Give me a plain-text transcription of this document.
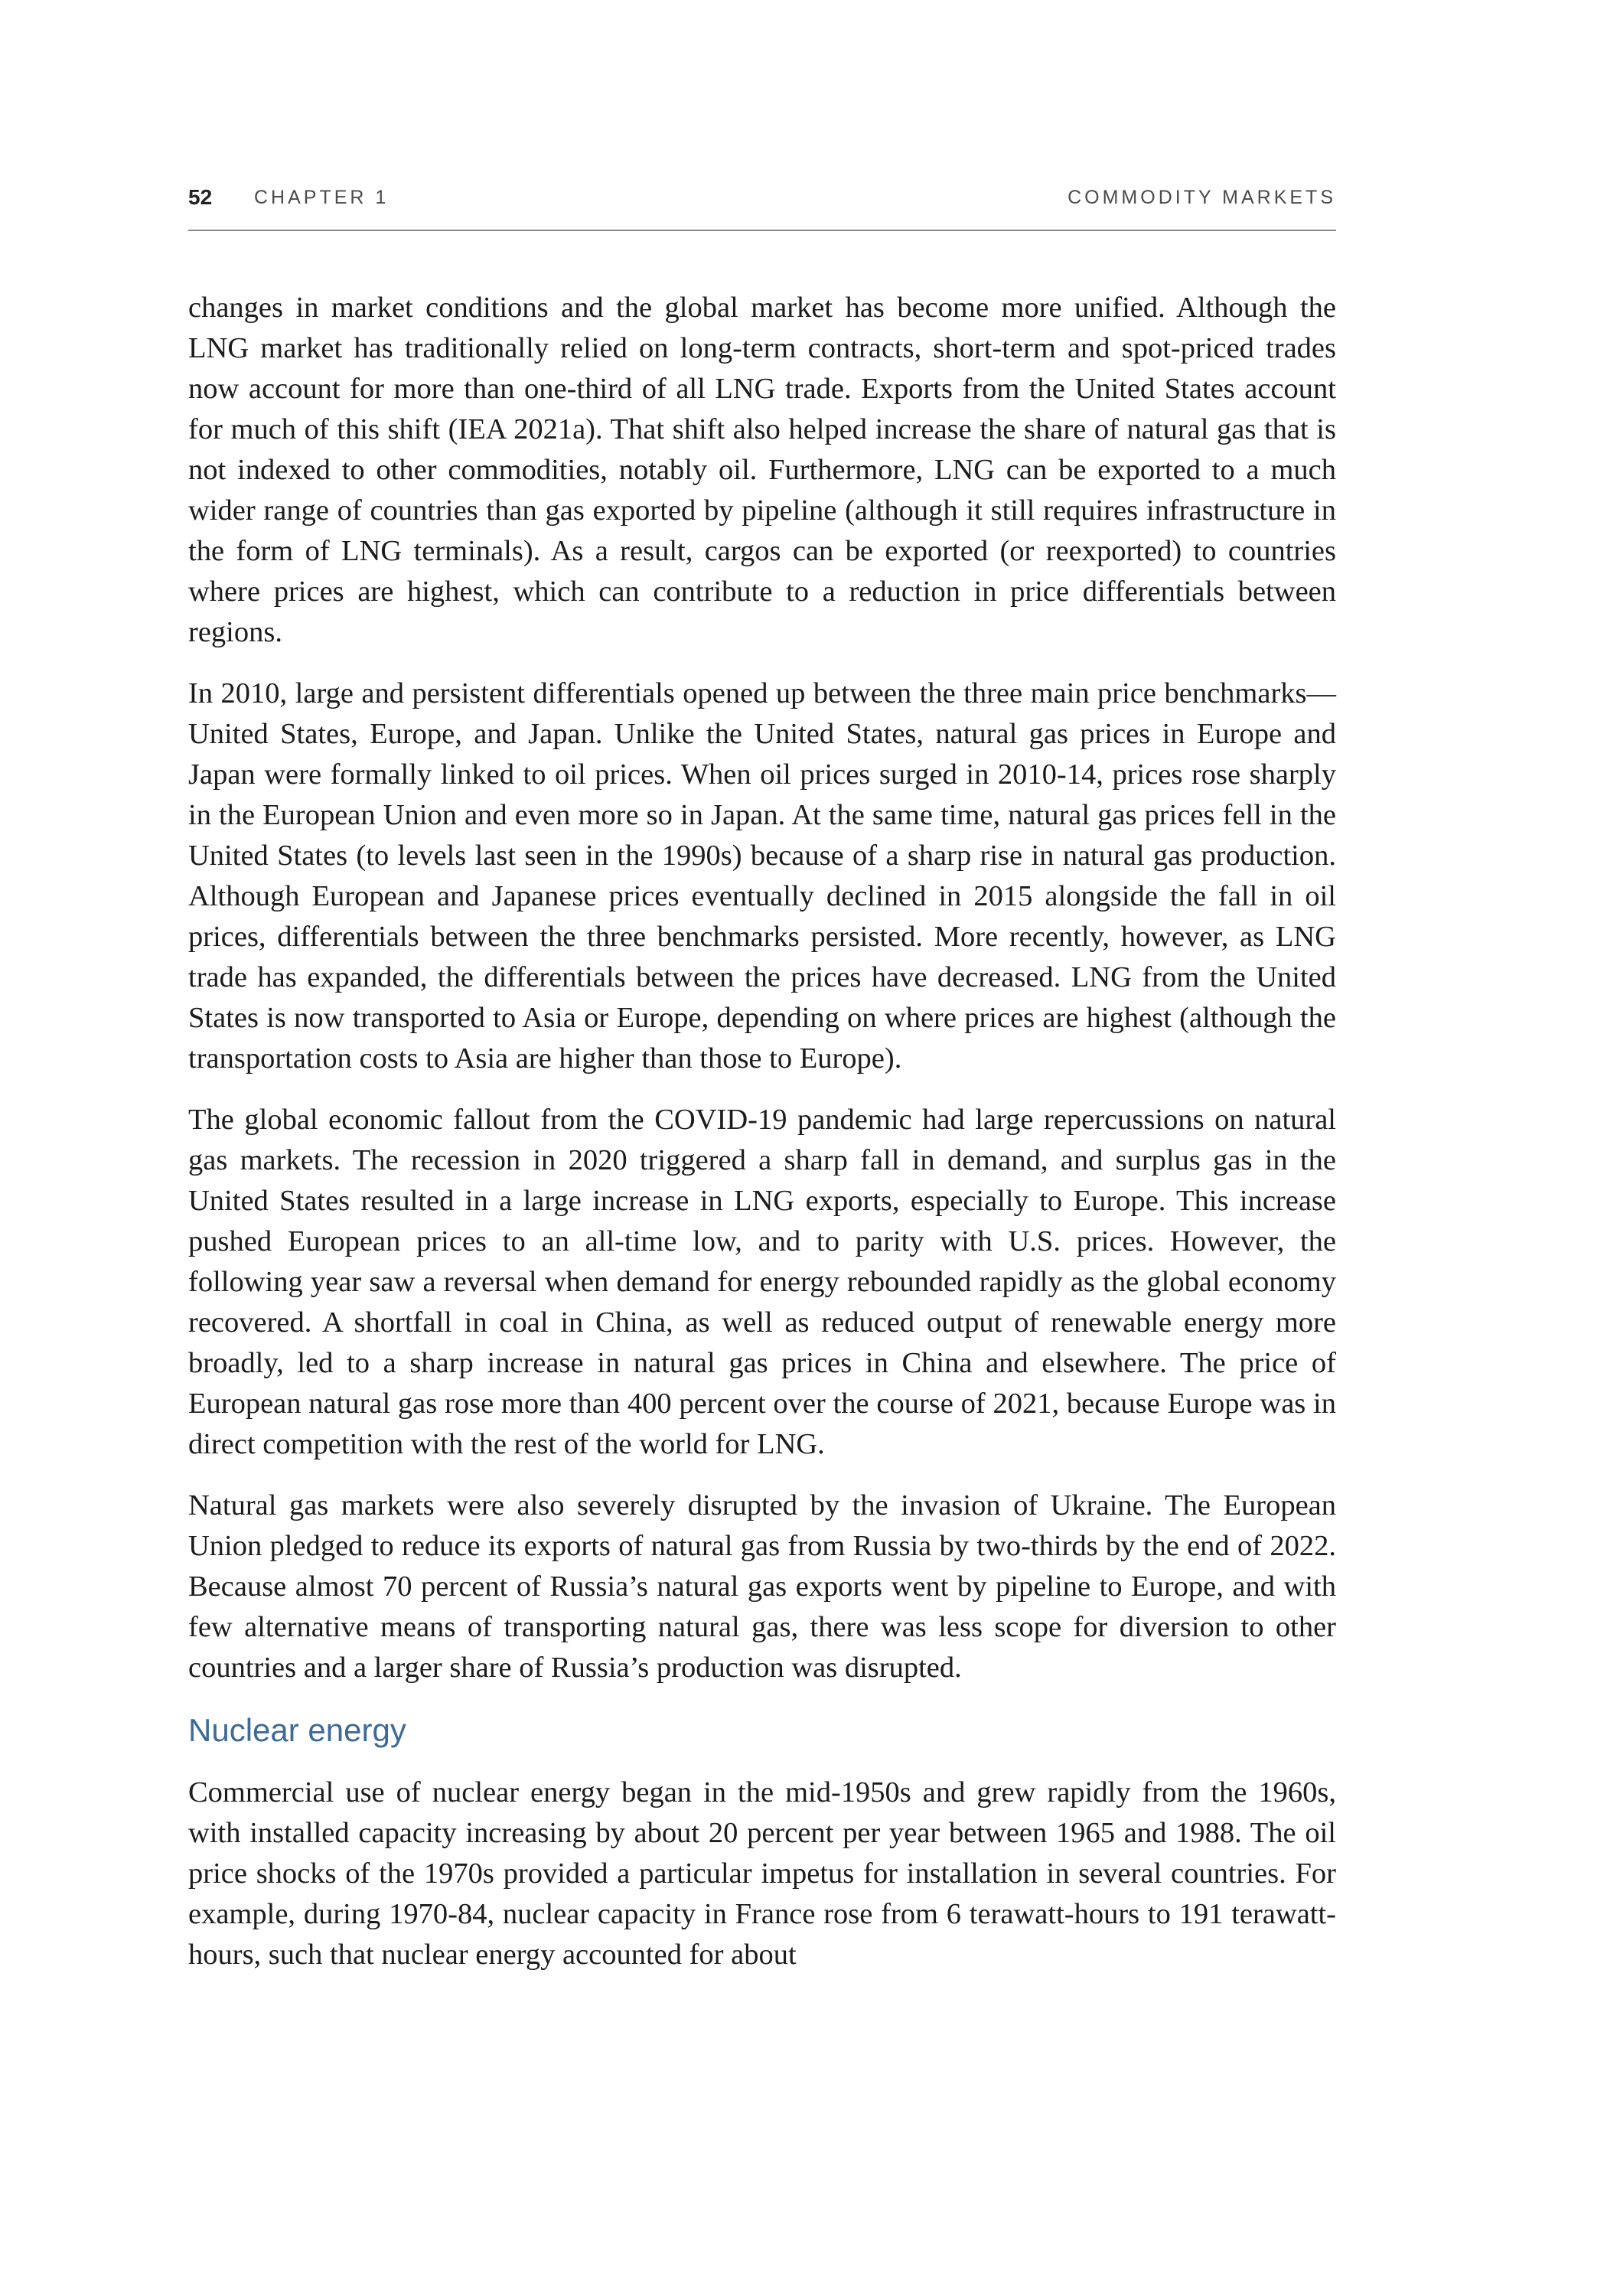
52 CHAPTER 1	COMMODITY MARKETS

changes in market conditions and the global market has become more unified. Although the LNG market has traditionally relied on long-term contracts, short-term and spot-priced trades now account for more than one-third of all LNG trade. Exports from the United States account for much of this shift (IEA 2021a). That shift also helped increase the share of natural gas that is not indexed to other commodities, notably oil. Furthermore, LNG can be exported to a much wider range of countries than gas exported by pipeline (although it still requires infrastructure in the form of LNG terminals). As a result, cargos can be exported (or reexported) to countries where prices are highest, which can contribute to a reduction in price differentials between regions.

In 2010, large and persistent differentials opened up between the three main price benchmarks—United States, Europe, and Japan. Unlike the United States, natural gas prices in Europe and Japan were formally linked to oil prices. When oil prices surged in 2010-14, prices rose sharply in the European Union and even more so in Japan. At the same time, natural gas prices fell in the United States (to levels last seen in the 1990s) because of a sharp rise in natural gas production. Although European and Japanese prices eventually declined in 2015 alongside the fall in oil prices, differentials between the three benchmarks persisted. More recently, however, as LNG trade has expanded, the differentials between the prices have decreased. LNG from the United States is now transported to Asia or Europe, depending on where prices are highest (although the transportation costs to Asia are higher than those to Europe).

The global economic fallout from the COVID-19 pandemic had large repercussions on natural gas markets. The recession in 2020 triggered a sharp fall in demand, and surplus gas in the United States resulted in a large increase in LNG exports, especially to Europe. This increase pushed European prices to an all-time low, and to parity with U.S. prices. However, the following year saw a reversal when demand for energy rebounded rapidly as the global economy recovered. A shortfall in coal in China, as well as reduced output of renewable energy more broadly, led to a sharp increase in natural gas prices in China and elsewhere. The price of European natural gas rose more than 400 percent over the course of 2021, because Europe was in direct competition with the rest of the world for LNG.

Natural gas markets were also severely disrupted by the invasion of Ukraine. The European Union pledged to reduce its exports of natural gas from Russia by two-thirds by the end of 2022. Because almost 70 percent of Russia’s natural gas exports went by pipeline to Europe, and with few alternative means of transporting natural gas, there was less scope for diversion to other countries and a larger share of Russia’s production was disrupted.

Nuclear energy

Commercial use of nuclear energy began in the mid-1950s and grew rapidly from the 1960s, with installed capacity increasing by about 20 percent per year between 1965 and 1988. The oil price shocks of the 1970s provided a particular impetus for installation in several countries. For example, during 1970-84, nuclear capacity in France rose from 6 terawatt-hours to 191 terawatt-hours, such that nuclear energy accounted for about
